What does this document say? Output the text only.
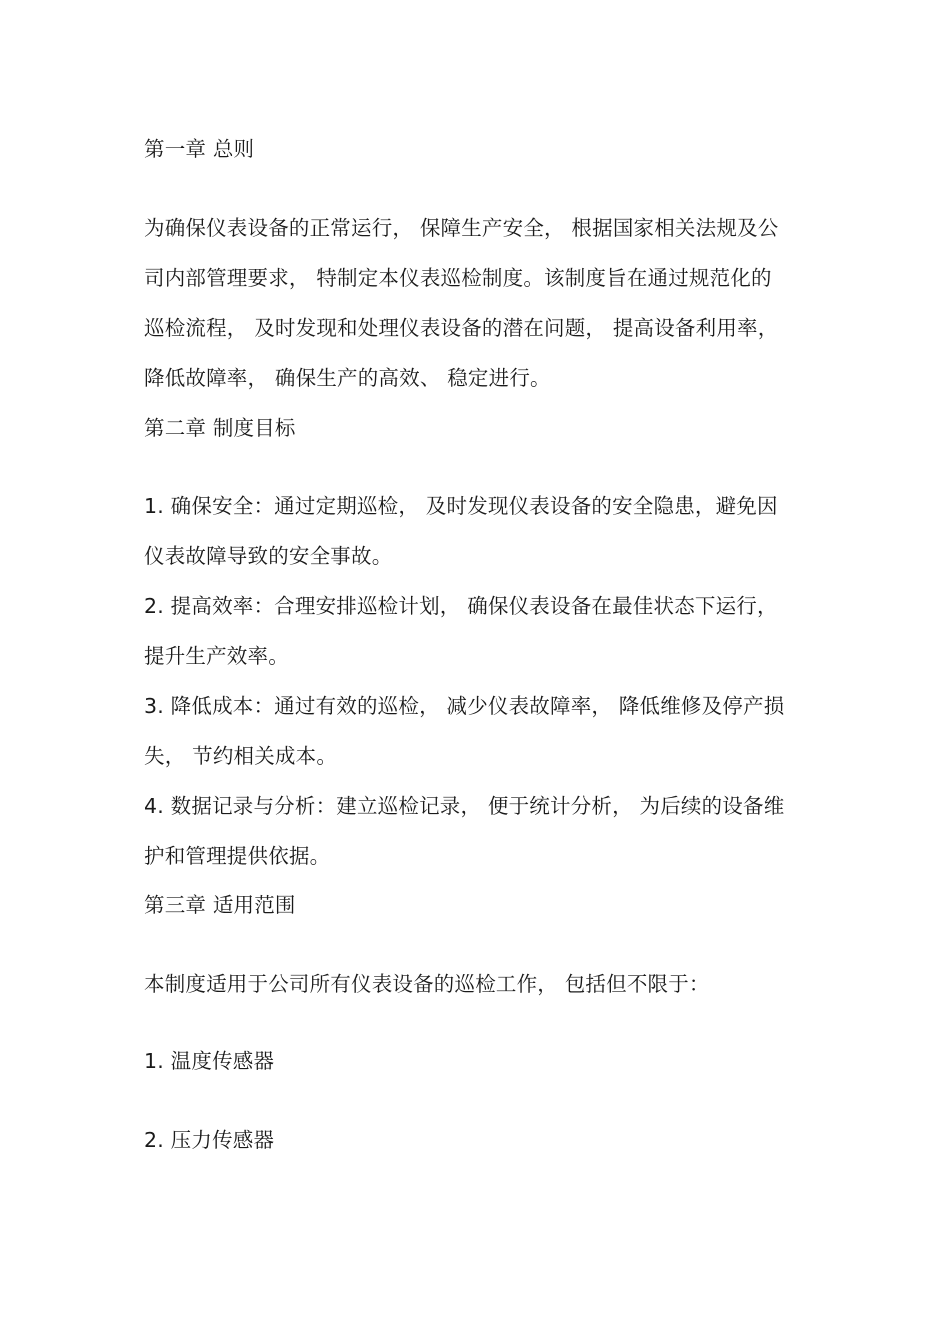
第一章 总则
为确保仪表设备的正常运行， 保障生产安全， 根据国家相关法规及公
司内部管理要求， 特制定本仪表巡检制度。该制度旨在通过规范化的
巡检流程， 及时发现和处理仪表设备的潜在问题， 提高设备利用率，
降低故障率， 确保生产的高效、 稳定进行。
第二章 制度目标
1. 确保安全：通过定期巡检， 及时发现仪表设备的安全隐患，避免因
仪表故障导致的安全事故。
2. 提高效率：合理安排巡检计划， 确保仪表设备在最佳状态下运行，
提升生产效率。
3. 降低成本：通过有效的巡检， 减少仪表故障率， 降低维修及停产损
失， 节约相关成本。
4. 数据记录与分析：建立巡检记录， 便于统计分析， 为后续的设备维
护和管理提供依据。
第三章 适用范围
本制度适用于公司所有仪表设备的巡检工作， 包括但不限于：
1. 温度传感器
2. 压力传感器
